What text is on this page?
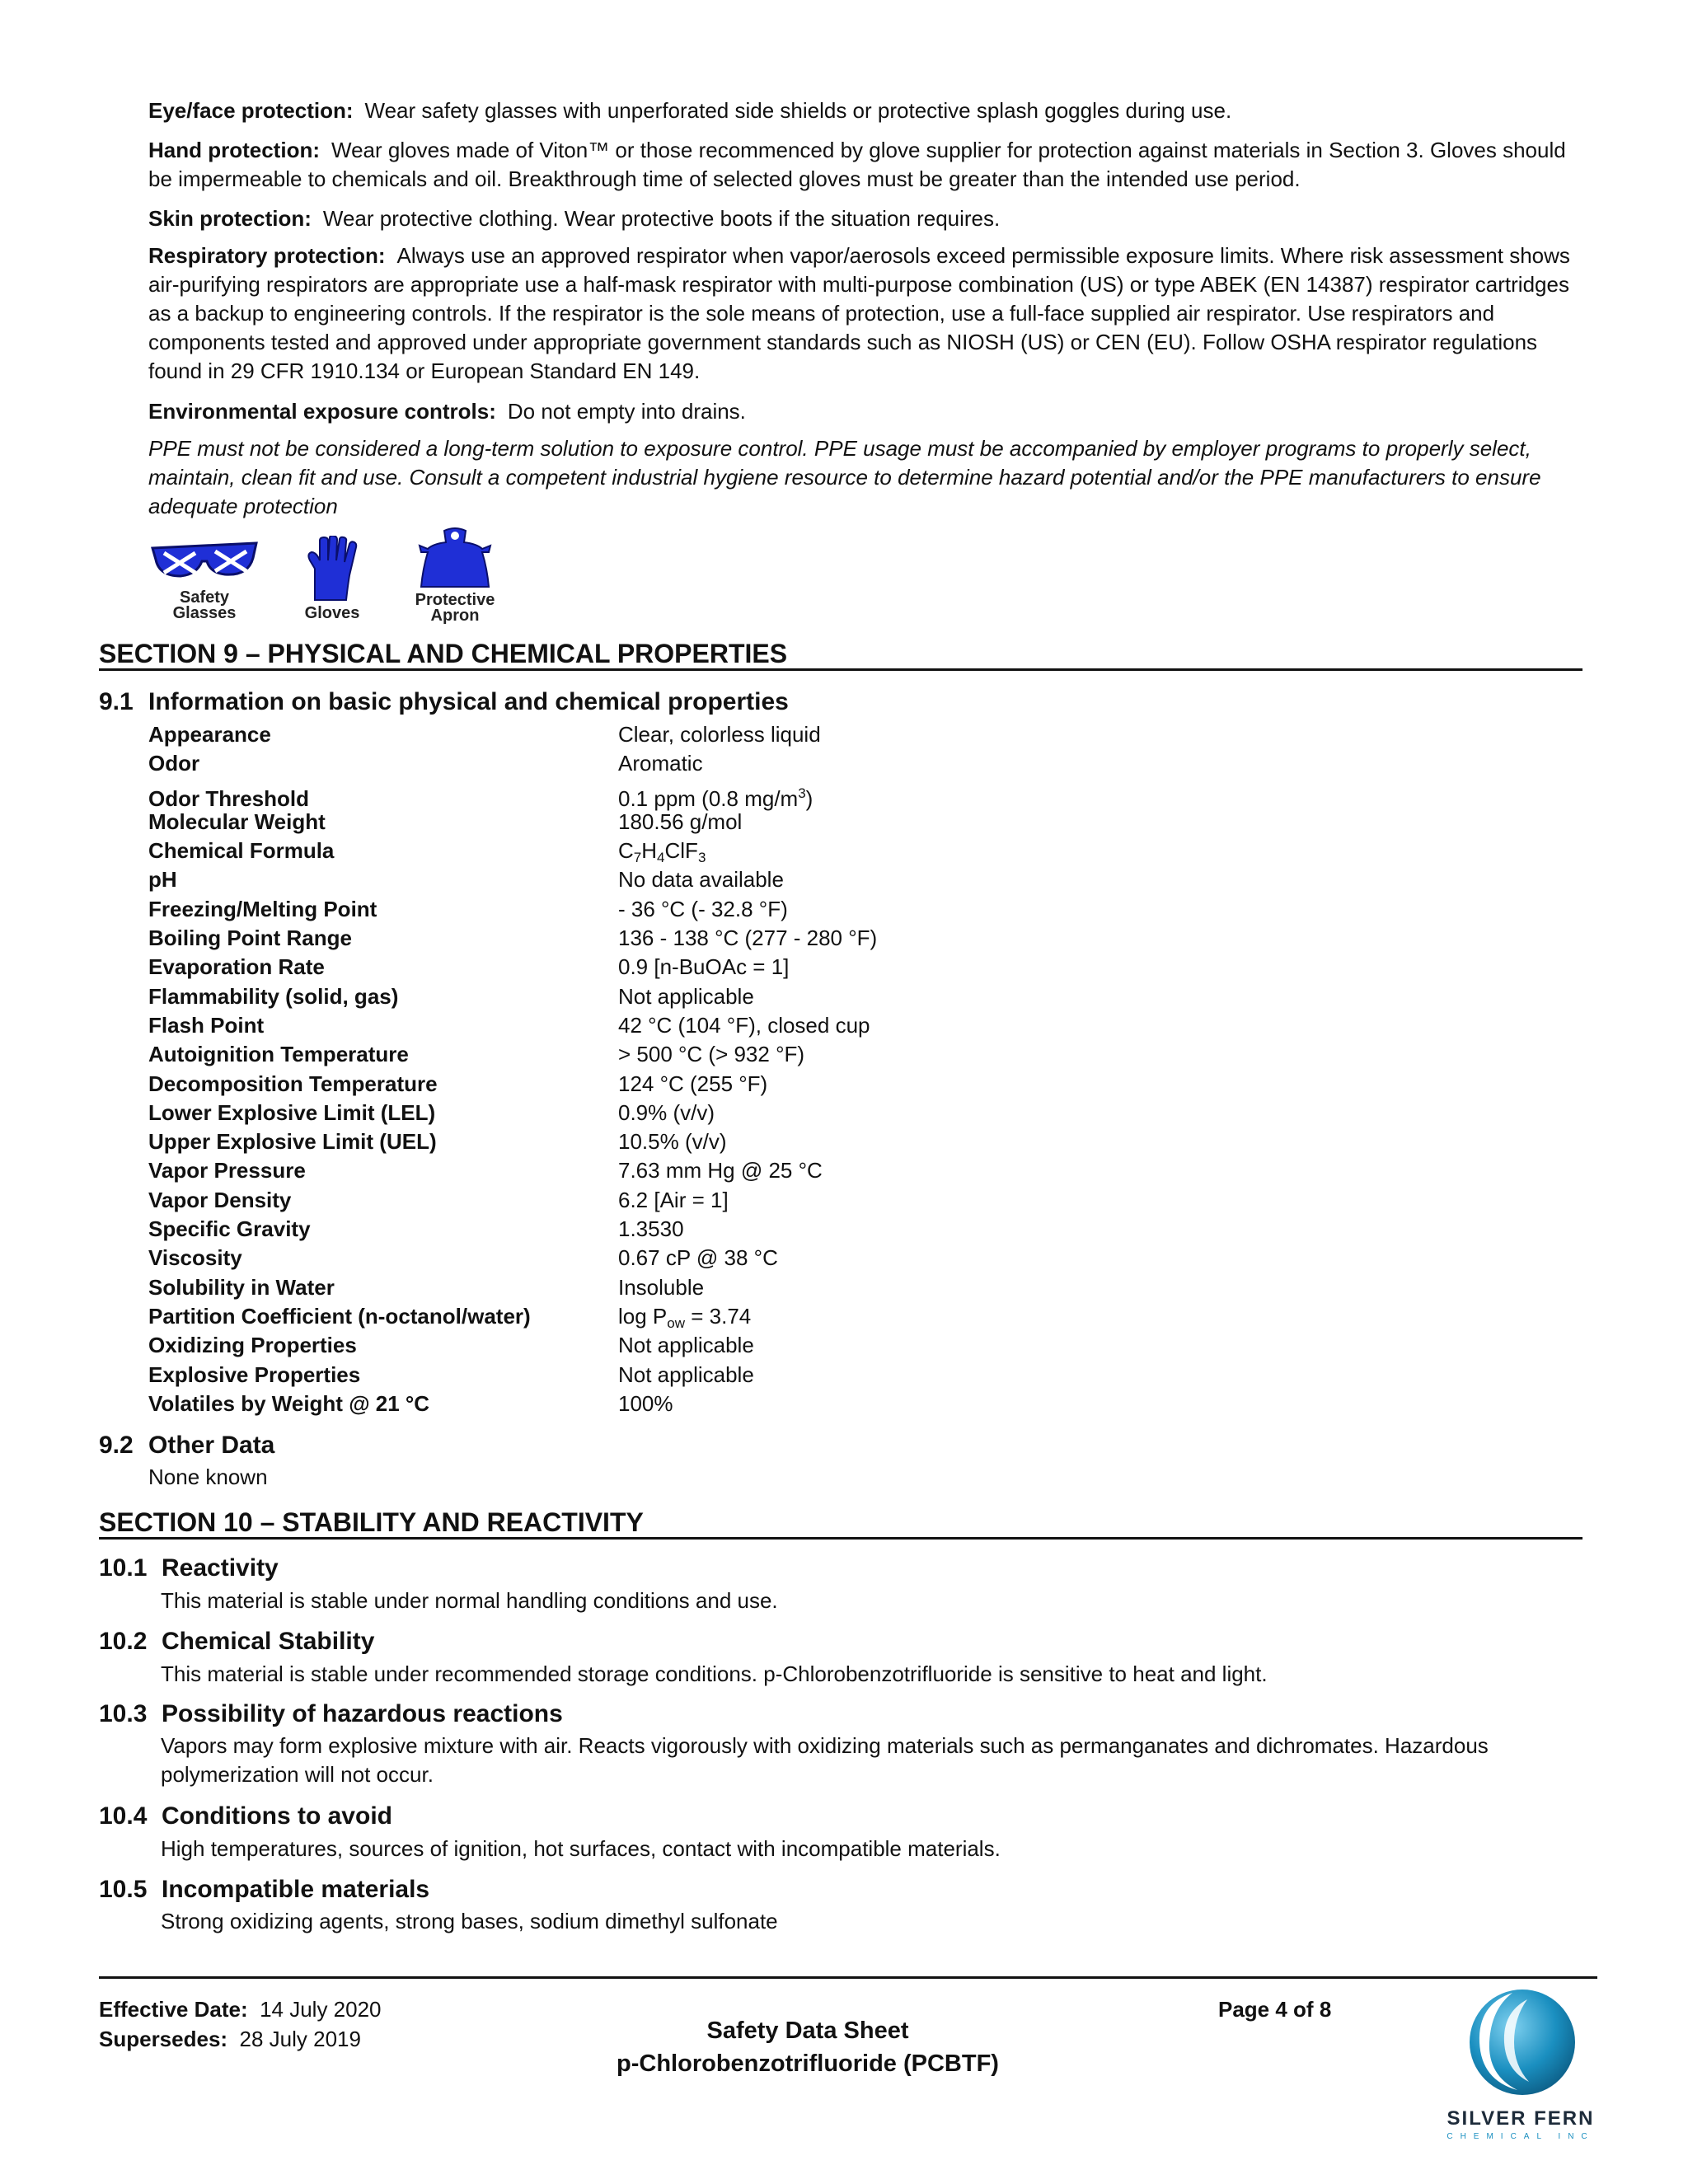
Eye/face protection: Wear safety glasses with unperforated side shields or protective splash goggles during use.
Hand protection: Wear gloves made of Viton™ or those recommenced by glove supplier for protection against materials in Section 3. Gloves should be impermeable to chemicals and oil. Breakthrough time of selected gloves must be greater than the intended use period.
Skin protection: Wear protective clothing. Wear protective boots if the situation requires.
Respiratory protection: Always use an approved respirator when vapor/aerosols exceed permissible exposure limits. Where risk assessment shows air-purifying respirators are appropriate use a half-mask respirator with multi-purpose combination (US) or type ABEK (EN 14387) respirator cartridges as a backup to engineering controls. If the respirator is the sole means of protection, use a full-face supplied air respirator. Use respirators and components tested and approved under appropriate government standards such as NIOSH (US) or CEN (EU). Follow OSHA respirator regulations found in 29 CFR 1910.134 or European Standard EN 149.
Environmental exposure controls: Do not empty into drains.
PPE must not be considered a long-term solution to exposure control. PPE usage must be accompanied by employer programs to properly select, maintain, clean fit and use. Consult a competent industrial hygiene resource to determine hazard potential and/or the PPE manufacturers to ensure adequate protection
Safety
Glasses	Gloves
Protective
Apron
SECTION 9 – PHYSICAL AND CHEMICAL PROPERTIES
9.1 Information on basic physical and chemical properties
Appearance	Clear, colorless liquid
Odor	Aromatic
Odor Threshold	0.1 ppm (0.8 $mg/m^3$)
Molecular Weight	180.56 g/mol
Chemical Formula	$C_7H_4ClF_3$
pH	No data available
Freezing/Melting Point	- 36 °C (- 32.8 °F)
Boiling Point Range	136 - 138 °C (277 - 280 °F)
Evaporation Rate	0.9 [n-BuOAc = 1]
Flammability (solid, gas)	Not applicable
Flash Point	42 °C (104 °F), closed cup
Autoignition Temperature	> 500 °C (> 932 °F)
Decomposition Temperature	124 °C (255 °F)
Lower Explosive Limit (LEL)	0.9% (v/v)
Upper Explosive Limit (UEL)	10.5% (v/v)
Vapor Pressure	7.63 mm Hg @ 25 °C
Vapor Density	6.2 [Air = 1]
Specific Gravity	1.3530
Viscosity	0.67 cP @ 38 °C
Solubility in Water	Insoluble
Partition Coefficient (n-octanol/water)	$\log P_{ow} = 3.74$
Oxidizing Properties	Not applicable
Explosive Properties	Not applicable
Volatiles by Weight @ 21 °C	100%
9.2 Other Data
None known
SECTION 10 – STABILITY AND REACTIVITY
10.1 Reactivity
This material is stable under normal handling conditions and use.
10.2 Chemical Stability
This material is stable under recommended storage conditions. p-Chlorobenzotrifluoride is sensitive to heat and light.
10.3 Possibility of hazardous reactions
Vapors may form explosive mixture with air. Reacts vigorously with oxidizing materials such as permanganates and dichromates. Hazardous polymerization will not occur.
10.4 Conditions to avoid
High temperatures, sources of ignition, hot surfaces, contact with incompatible materials.
10.5 Incompatible materials
Strong oxidizing agents, strong bases, sodium dimethyl sulfonate
Effective Date: 14 July 2020
Supersedes: 28 July 2019	Safety Data Sheet
p-Chlorobenzotrifluoride (PCBTF)
Page 4 of 8
SILVER FERN
CHEMICAL INC
